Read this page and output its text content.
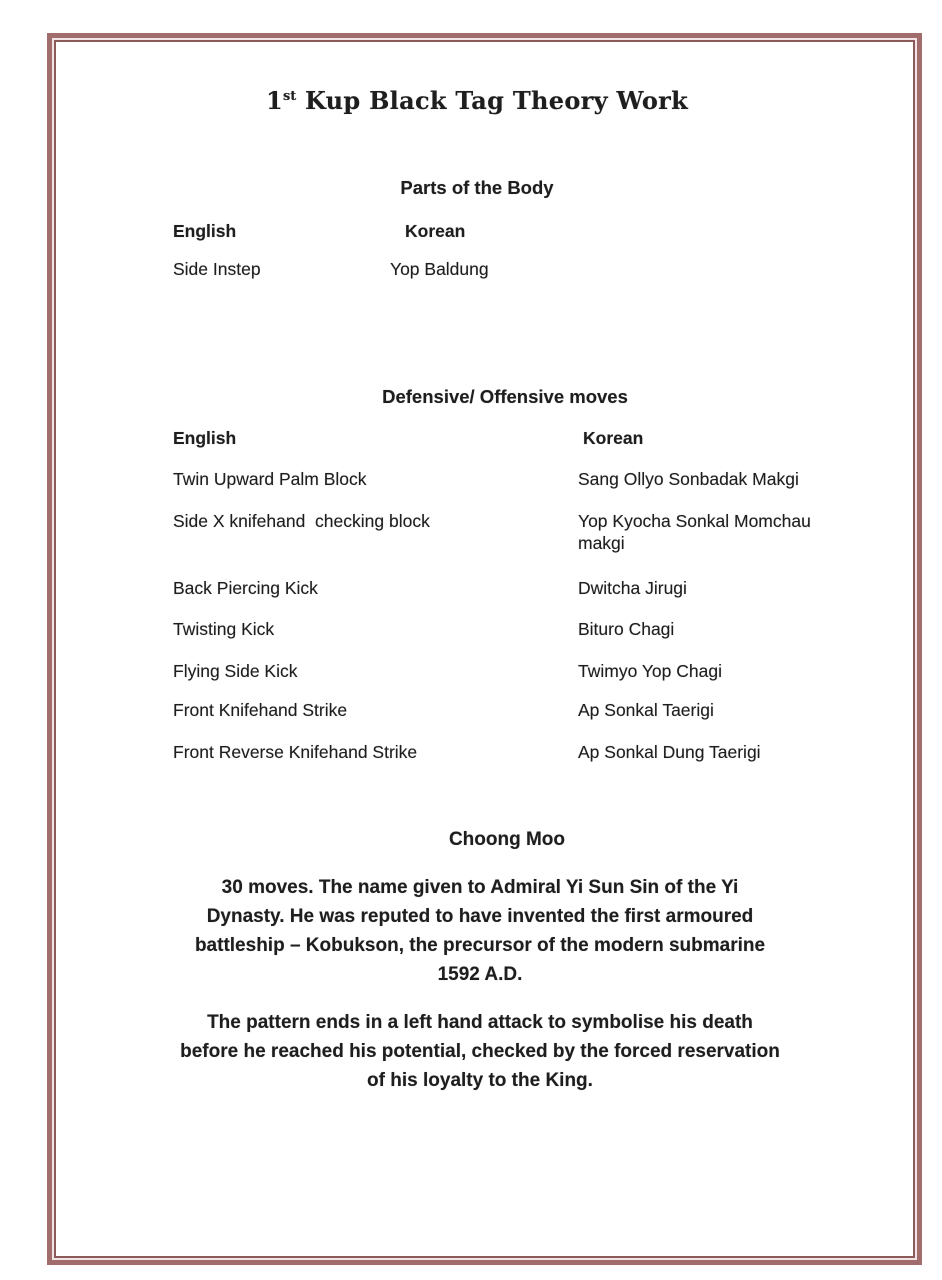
1st Kup Black Tag Theory Work
Parts of the Body
English	Korean
Side Instep	Yop Baldung
Defensive/ Offensive moves
English	Korean
Twin Upward Palm Block	Sang Ollyo Sonbadak Makgi
Side X knifehand  checking block	Yop Kyocha Sonkal Momchau makgi
Back Piercing Kick	Dwitcha Jirugi
Twisting Kick	Bituro Chagi
Flying Side Kick	Twimyo Yop Chagi
Front Knifehand Strike	Ap Sonkal Taerigi
Front Reverse Knifehand Strike	Ap Sonkal Dung Taerigi
Choong Moo
30 moves. The name given to Admiral Yi Sun Sin of the Yi
Dynasty. He was reputed to have invented the first armoured
battleship – Kobukson, the precursor of the modern submarine
1592 A.D.
The pattern ends in a left hand attack to symbolise his death
before he reached his potential, checked by the forced reservation
of his loyalty to the King.
